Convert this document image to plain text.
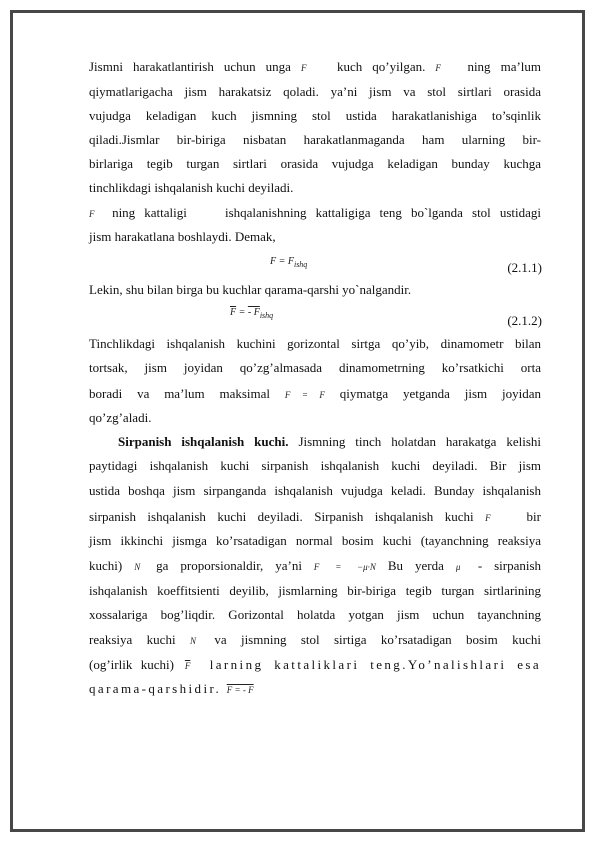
Jismni harakatlantirish uchun unga F kuch qo’yilgan. F ning ma’lum
qiymatlarigacha jism harakatsiz qoladi. ya’ni jism va stol sirtlari orasida
vujudga keladigan kuch jismning stol ustida harakatlanishiga to’sqinlik
qiladi.Jismlar bir-biriga nisbatan harakatlanmaganda ham ularning bir-
birlariga tegib turgan sirtlari orasida vujudga keladigan bunday kuchga
tinchlikdagi ishqalanish kuchi deyiladi.
F ning kattaligi	ishqalanishning kattaligiga teng bo`lganda stol ustidagi
jism harakatlana boshlaydi. Demak,
$F = F_{ishq}$	(2.1.1)
Lekin, shu bilan birga bu kuchlar qarama-qarshi yo`nalgandir.
$\overline{F}$ = - $F_{ishq}$	(2.1.2)
Tinchlikdagi ishqalanish kuchini gorizontal sirtga qo’yib, dinamometr bilan
tortsak, jism joyidan qo’zg’almasada dinamometrning ko’rsatkichi orta
boradi va ma’lum maksimal F = F qiymatga yetganda jism joyidan
qo’zg’aladi.
Sirpanish ishqalanish kuchi. Jismning tinch holatdan harakatga kelishi
paytidagi ishqalanish kuchi sirpanish ishqalanish kuchi deyiladi. Bir jism
ustida boshqa jism sirpanganda ishqalanish vujudga keladi. Bunday ishqalanish
sirpanish ishqalanish kuchi deyiladi. Sirpanish ishqalanish kuchi F	bir
jism ikkinchi jismga ko’rsatadigan normal bosim kuchi (tayanchning reaksiya
kuchi) N ga proporsionaldir, ya’ni F = −μ·N Bu yerda μ - sirpanish
ishqalanish koeffitsienti deyilib, jismlarning bir-biriga tegib turgan sirtlarining
xossalariga bog’liqdir. Gorizontal holatda yotgan jism uchun tayanchning
reaksiya kuchi N va jismning stol sirtiga ko’rsatadigan bosim kuchi
(og’irlik kuchi) $\overline{F}$ larning kattaliklari teng.Yo’nalishlari esa
qarama-qarshidir. F = - F
